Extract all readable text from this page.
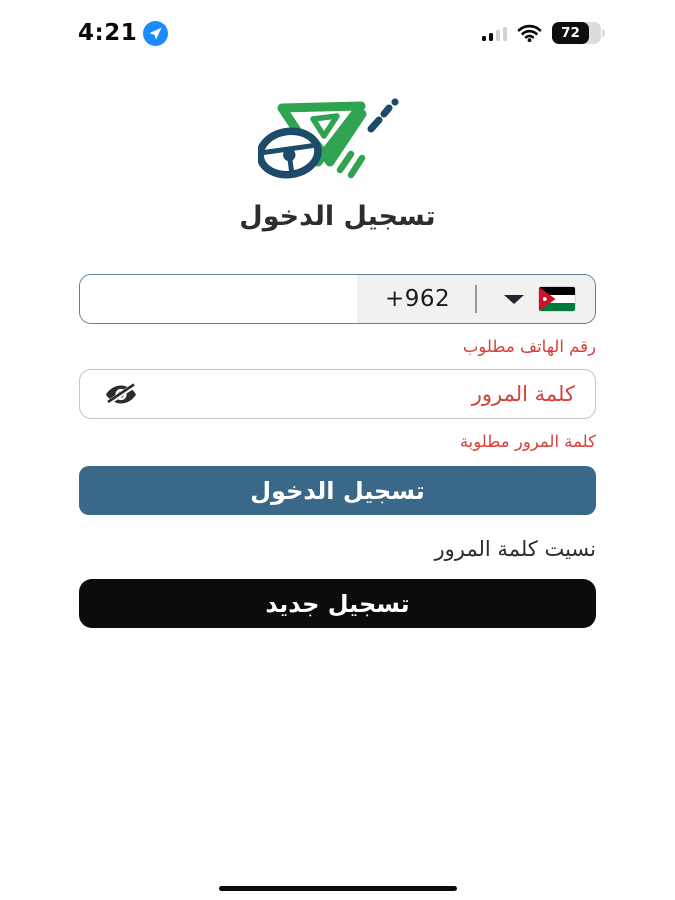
4:21	72
تسجيل الدخول
+962
رقم الهاتف مطلوب
كلمة المرور
كلمة المرور مطلوبة
تسجيل الدخول
نسيت كلمة المرور
تسجيل جديد
